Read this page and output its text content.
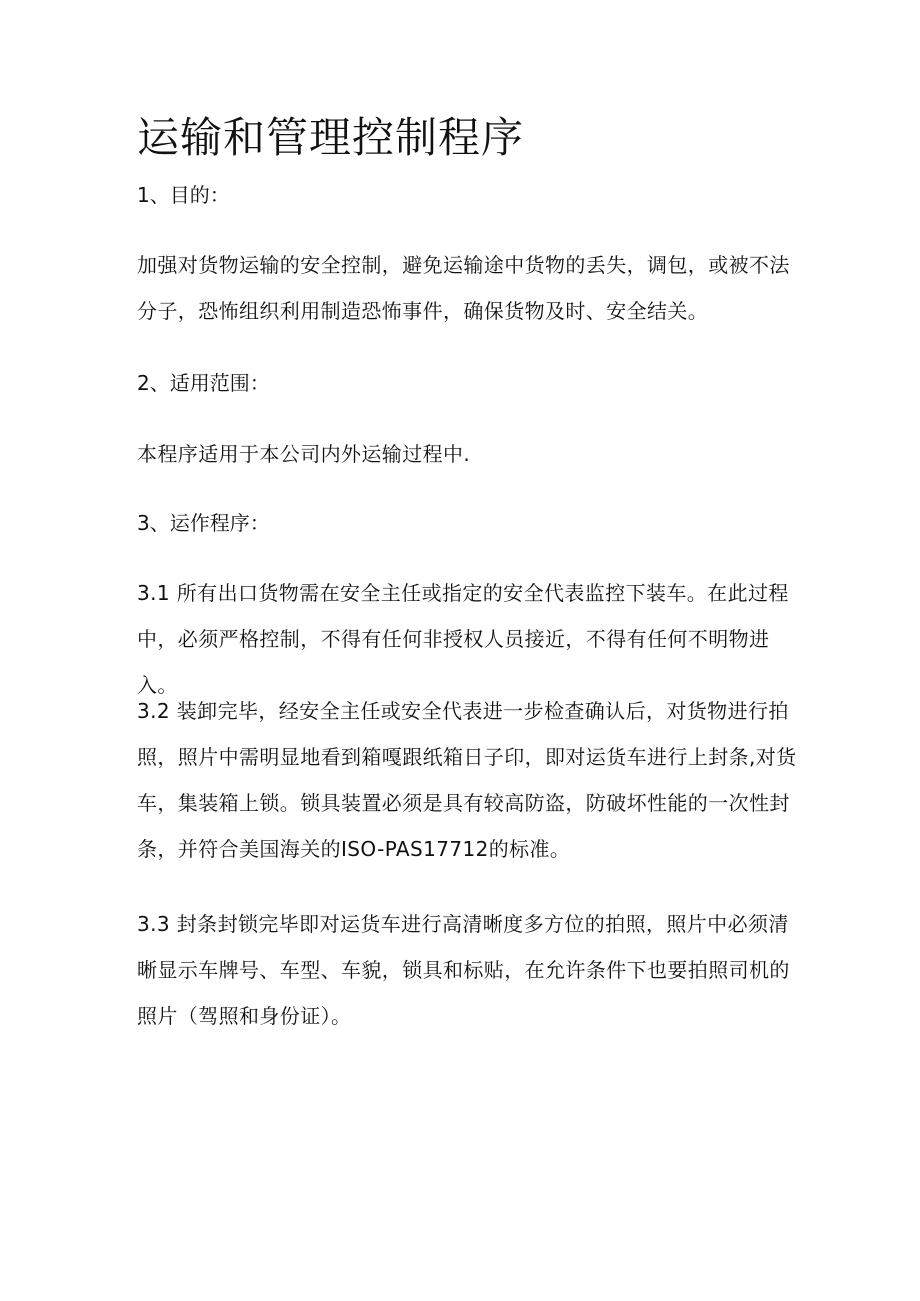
运输和管理控制程序

1、目的：

加强对货物运输的安全控制，避免运输途中货物的丢失，调包，或被不法分子，恐怖组织利用制造恐怖事件，确保货物及时、安全结关。

2、适用范围：

本程序适用于本公司内外运输过程中.

3、运作程序：

3.1 所有出口货物需在安全主任或指定的安全代表监控下装车。在此过程中，必须严格控制，不得有任何非授权人员接近，不得有任何不明物进入。

3.2 装卸完毕，经安全主任或安全代表进一步检查确认后，对货物进行拍照，照片中需明显地看到箱嘎跟纸箱日子印，即对运货车进行上封条,对货车，集装箱上锁。锁具装置必须是具有较高防盗，防破坏性能的一次性封条，并符合美国海关的ISO-PAS17712的标准。

3.3 封条封锁完毕即对运货车进行高清晰度多方位的拍照，照片中必须清晰显示车牌号、车型、车貌，锁具和标贴，在允许条件下也要拍照司机的照片（驾照和身份证）。
